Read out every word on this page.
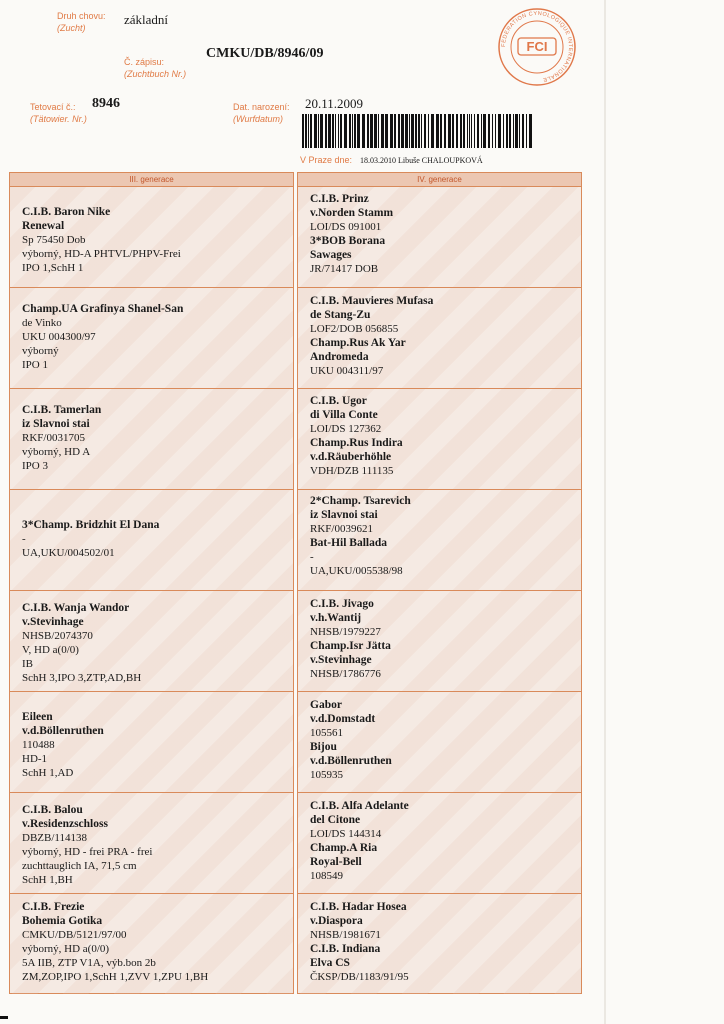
Druh chovu:
(Zucht)
základní
Č. zápisu:
(Zuchtbuch Nr.)
CMKU/DB/8946/09
Tetovací č.:
(Tätowier. Nr.)
8946	Dat. narození:
(Wurfdatum)
20.11.2009
FEDERATION CYNOLOGIQUE INTERNATIONALE
FCI
V Praze dne: 18.03.2010 Libuše CHALOUPKOVÁ
III. generace

C.I.B. Baron Nike

Renewal

Sp 75450 Dob

výborný, HD-A PHTVL/PHPV-Frei

IPO 1,SchH 1

Champ.UA Grafinya Shanel-San

de Vinko

UKU 004300/97

výborný

IPO 1

C.I.B. Tamerlan

iz Slavnoi stai

RKF/0031705

výborný, HD A

IPO 3

3*Champ. Bridzhit El Dana

-

UA,UKU/004502/01

C.I.B. Wanja Wandor

v.Stevinhage

NHSB/2074370

V, HD a(0/0)

IB

SchH 3,IPO 3,ZTP,AD,BH

Eileen

v.d.Böllenruthen

110488

HD-1

SchH 1,AD

C.I.B. Balou

v.Residenzschloss

DBZB/114138

výborný, HD - frei PRA - frei

zuchttauglich IA, 71,5 cm

SchH 1,BH

C.I.B. Frezie

Bohemia Gotika

CMKU/DB/5121/97/00

výborný, HD a(0/0)

5A IIB, ZTP V1A, výb.bon 2b

ZM,ZOP,IPO 1,SchH 1,ZVV 1,ZPU 1,BH

IV. generace

C.I.B. Prinz

v.Norden Stamm

LOI/DS 091001

3*BOB Borana

Sawages

JR/71417 DOB

C.I.B. Mauvieres Mufasa

de Stang-Zu

LOF2/DOB 056855

Champ.Rus Ak Yar

Andromeda

UKU 004311/97

C.I.B. Ugor

di Villa Conte

LOI/DS 127362

Champ.Rus Indira

v.d.Räuberhöhle

VDH/DZB 111135

2*Champ. Tsarevich

iz Slavnoi stai

RKF/0039621

Bat-Hil Ballada

-

UA,UKU/005538/98

C.I.B. Jivago

v.h.Wantij

NHSB/1979227

Champ.Isr Jätta

v.Stevinhage

NHSB/1786776

Gabor

v.d.Domstadt

105561

Bijou

v.d.Böllenruthen

105935

C.I.B. Alfa Adelante

del Citone

LOI/DS 144314

Champ.A Ria

Royal-Bell

108549

C.I.B. Hadar Hosea

v.Diaspora

NHSB/1981671

C.I.B. Indiana

Elva CS

ČKSP/DB/1183/91/95
